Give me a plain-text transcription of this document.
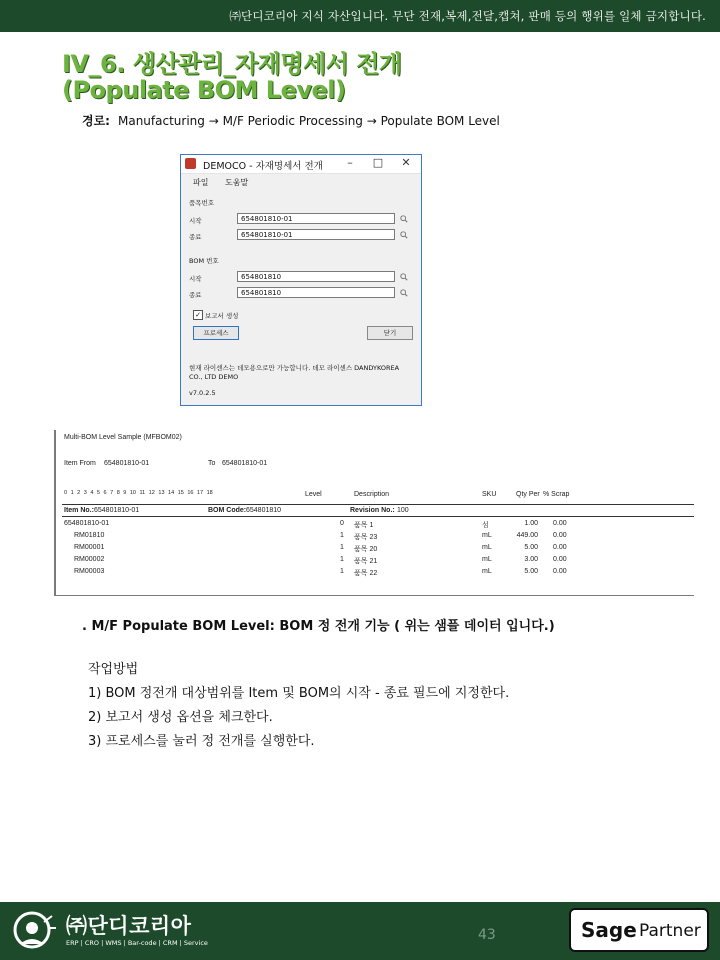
㈜단디코리아 지식 자산입니다. 무단 전재,복제,전달,캡쳐, 판매 등의 행위를 일체 금지합니다.
IV_6. 생산관리_자재명세서 전개
(Populate BOM Level)
경로: Manufacturing → M/F Periodic Processing → Populate BOM Level
DEMOCO - 자재명세서 전개	–	□	✕
파일 도움말
품목번호
시작	654801810-01
종료	654801810-01
BOM 번호
시작	654801810
종료	654801810
✓ 보고서 생성
프로세스	닫기
현재 라이센스는 데모용으로만 가능합니다. 데모 라이센스 DANDYKOREA CO., LTD DEMO
v7.0.2.5
Multi-BOM Level Sample (MFBOM02)
Item From 654801810-01	To 654801810-01
0 1 2 3 4 5 6 7 8 9 10 11 12 13 14 15 16 17 18	Level	Description	SKU	Qty Per % Scrap
Item No.: 654801810-01	BOM Code: 654801810	Revision No.: 100
654801810-01	0 품목 1	섬	1.00 0.00
RM01810	1 품목 23	mL	449.00 0.00
RM00001	1 품목 20	mL	5.00 0.00
RM00002	1 품목 21	mL	3.00 0.00
RM00003	1 품목 22	mL	5.00 0.00
. M/F Populate BOM Level: BOM 정 전개 기능 ( 위는 샘플 데이터 입니다.)
작업방법
1) BOM 정전개 대상범위를 Item 및 BOM의 시작 - 종료 필드에 지정한다.
2) 보고서 생성 옵션을 체크한다.
3) 프로세스를 눌러 정 전개를 실행한다.
㈜단디코리아
ERP | CRO | WMS | Bar-code | CRM | Service	43	Sage Partner
